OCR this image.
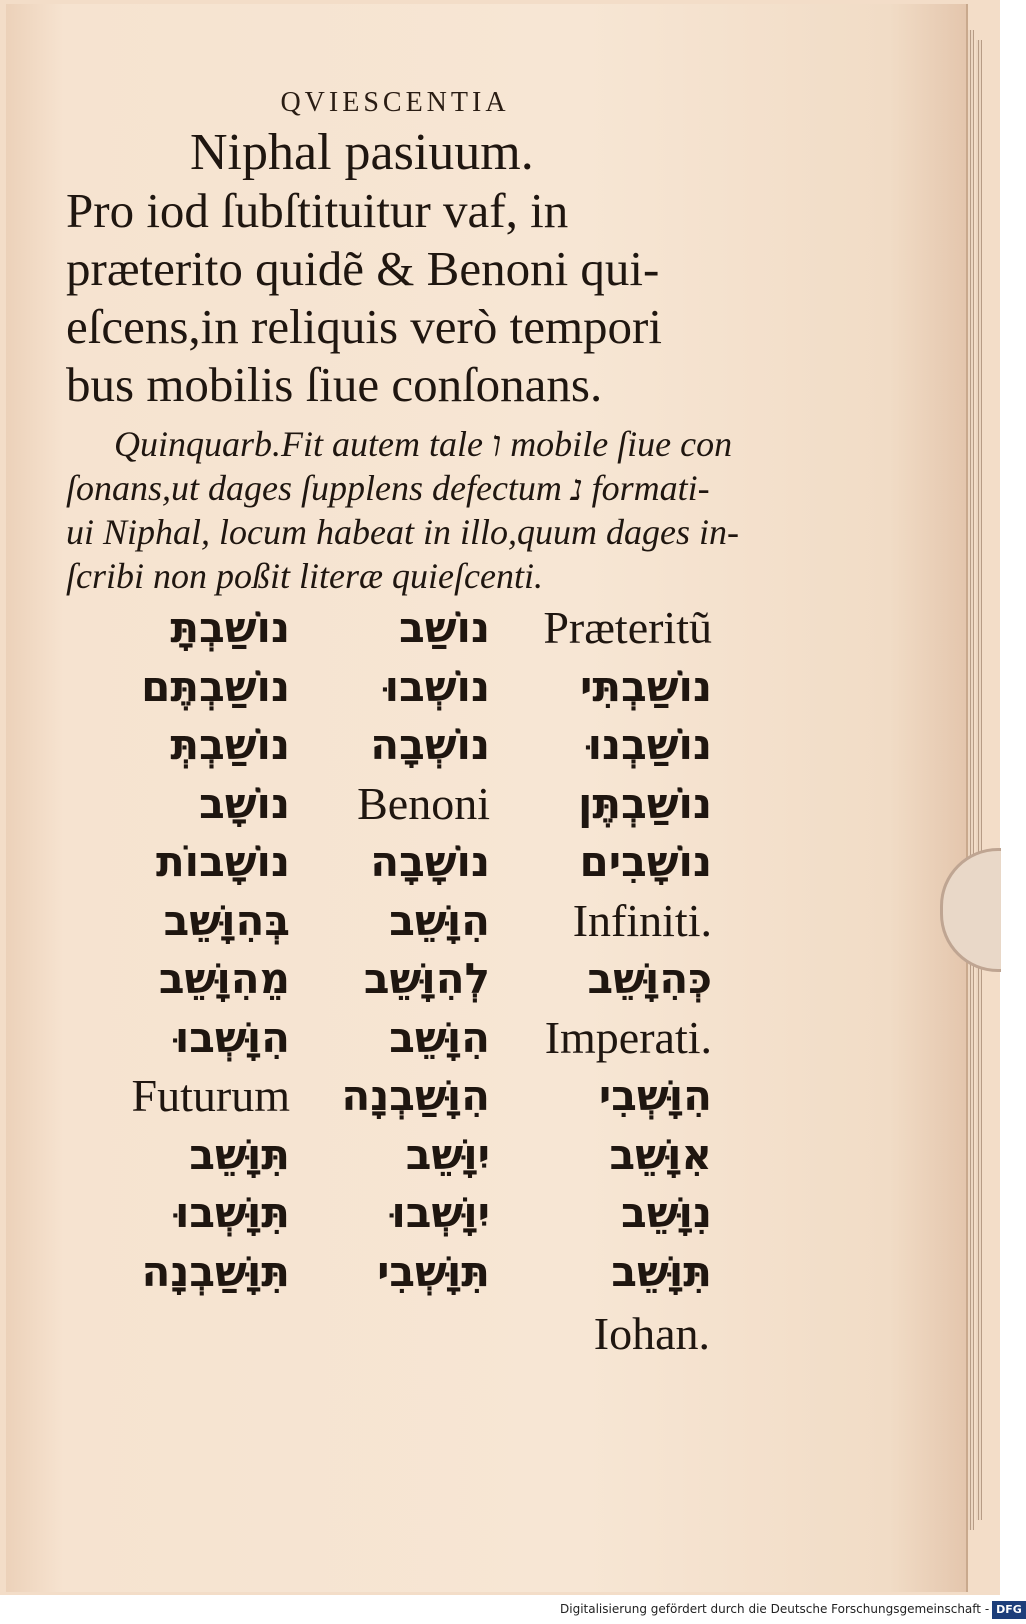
QVIESCENTIA
Niphal pasiuum.
Pro iod ſubſtituitur vaf, in
præterito quidẽ & Benoni qui-
eſcens,in reliquis verò tempori
bus mobilis ſiue conſonans.
Quinquarb.Fit autem tale ו mobile ſiue con
ſonans,ut dages ſupplens defectum נ formati-
ui Niphal, locum habeat in illo,quum dages in-
ſcribi non poßit literæ quieſcenti.
נוֹשַׁבְתָּ	נוֹשַׁב	Præteritũ
נוֹשַׁבְתֶּם	נוֹשְׁבוּ	נוֹשַׁבְתִּי
נוֹשַׁבְתְּ	נוֹשְׁבָה	נוֹשַׁבְנוּ
נוֹשָׁב	Benoni	נוֹשַׁבְתֶּן
נוֹשָׁבוֹת	נוֹשָׁבָה	נוֹשָׁבִים
בְּהִוָּשֵׁב	הִוָּשֵׁב	Infiniti.
מֵהִוָּשֵׁב	לְהִוָּשֵׁב	כְּהִוָּשֵׁב
הִוָּשְׁבוּ	הִוָּשֵׁב	Imperati.
Futurum	הִוָּשַׁבְנָה	הִוָּשְׁבִי
תִּוָּשֵׁב	יִוָּשֵׁב	אִוָּשֵׁב
תִּוָּשְׁבוּ	יִוָּשְׁבוּ	נִוָּשֵׁב
תִּוָּשַׁבְנָה	תִּוָּשְׁבִי	תִּוָּשֵׁב
Iohan.
Digitalisierung gefördert durch die Deutsche Forschungsgemeinschaft - DFG
